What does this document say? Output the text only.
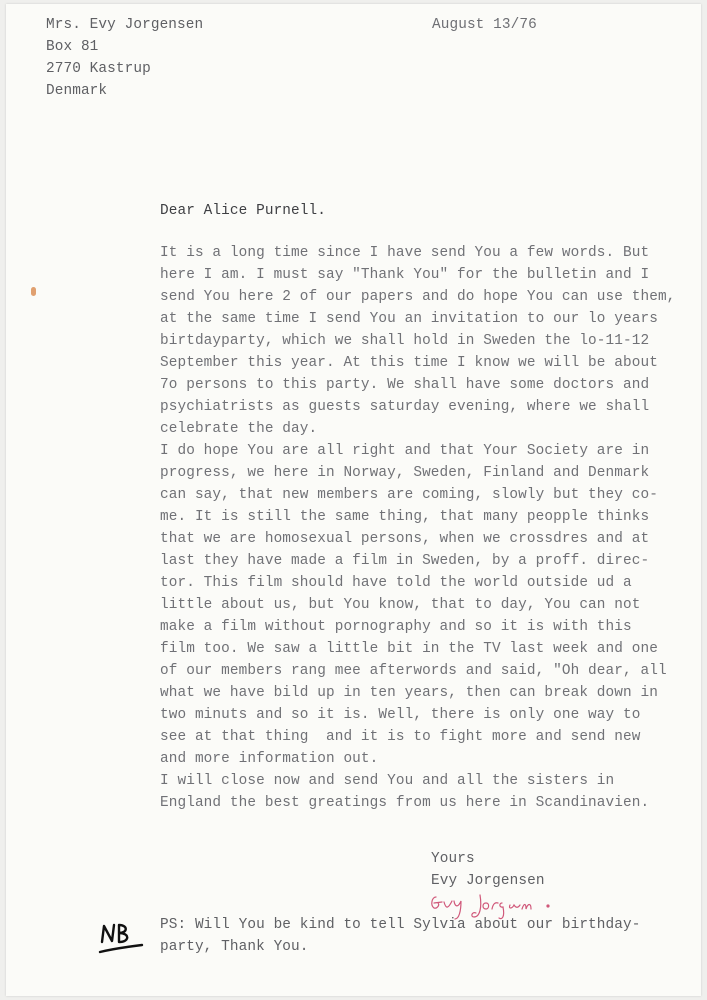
Mrs. Evy Jorgensen
Box 81
2770 Kastrup
Denmark
August 13/76
Dear Alice Purnell.

It is a long time since I have send You a few words. But

here I am. I must say "Thank You" for the bulletin and I

send You here 2 of our papers and do hope You can use them,

at the same time I send You an invitation to our lo years

birtdayparty, which we shall hold in Sweden the lo-11-12

September this year. At this time I know we will be about

7o persons to this party. We shall have some doctors and

psychiatrists as guests saturday evening, where we shall

celebrate the day.

I do hope You are all right and that Your Society are in

progress, we here in Norway, Sweden, Finland and Denmark

can say, that new members are coming, slowly but they co-

me. It is still the same thing, that many peopple thinks

that we are homosexual persons, when we crossdres and at

last they have made a film in Sweden, by a proff. direc-

tor. This film should have told the world outside ud a

little about us, but You know, that to day, You can not

make a film without pornography and so it is with this

film too. We saw a little bit in the TV last week and one

of our members rang mee afterwords and said, "Oh dear, all

what we have bild up in ten years, then can break down in

two minuts and so it is. Well, there is only one way to

see at that thing  and it is to fight more and send new

and more information out.

I will close now and send You and all the sisters in

England the best greatings from us here in Scandinavien.

Yours
Evy Jorgensen
PS: Will You be kind to tell Sylvia about our birthday-
party, Thank You.
